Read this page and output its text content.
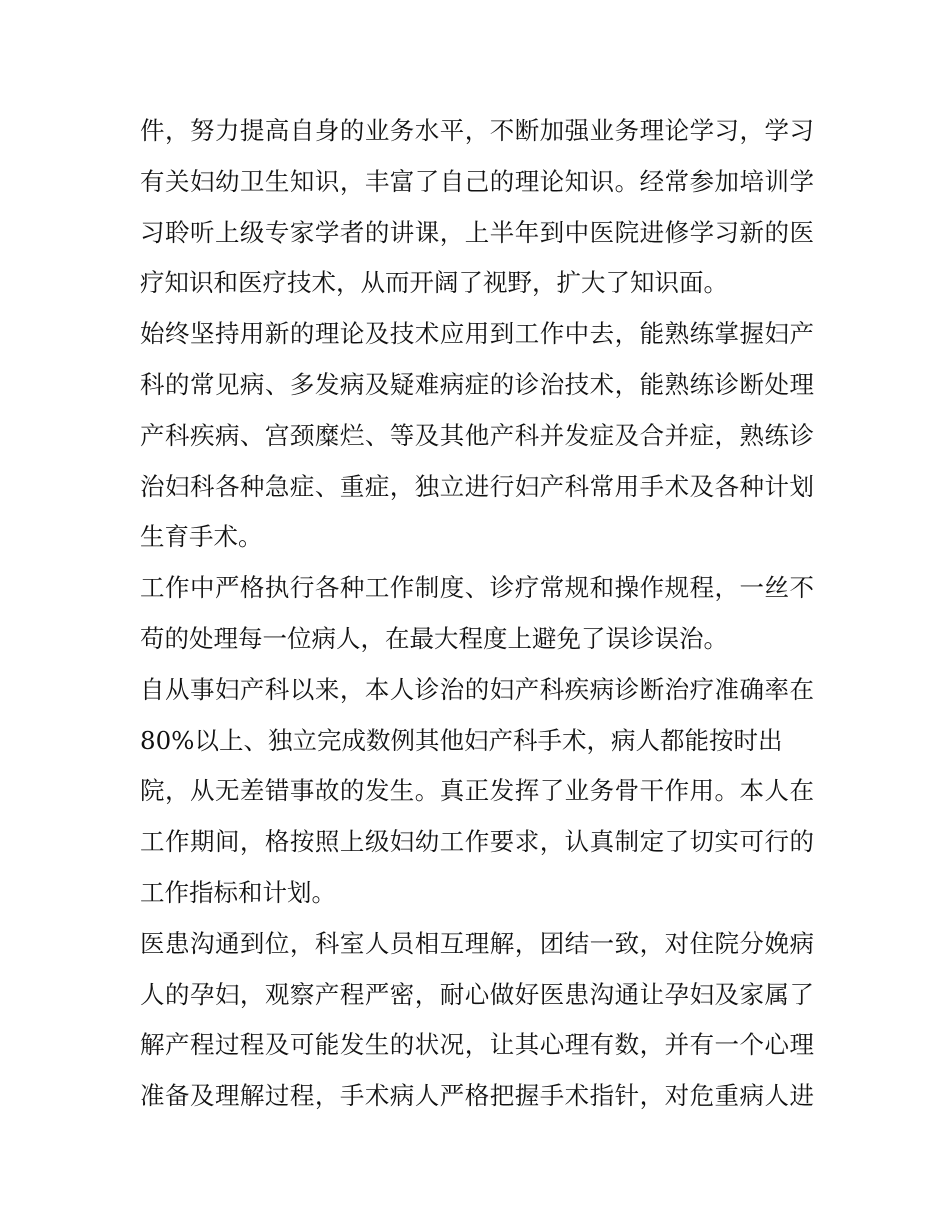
件，努力提高自身的业务水平，不断加强业务理论学习，学习
有关妇幼卫生知识，丰富了自己的理论知识。经常参加培训学
习聆听上级专家学者的讲课，上半年到中医院进修学习新的医
疗知识和医疗技术，从而开阔了视野，扩大了知识面。
始终坚持用新的理论及技术应用到工作中去，能熟练掌握妇产
科的常见病、多发病及疑难病症的诊治技术，能熟练诊断处理
产科疾病、宫颈糜烂、等及其他产科并发症及合并症，熟练诊
治妇科各种急症、重症，独立进行妇产科常用手术及各种计划
生育手术。
工作中严格执行各种工作制度、诊疗常规和操作规程，一丝不
苟的处理每一位病人，在最大程度上避免了误诊误治。
自从事妇产科以来，本人诊治的妇产科疾病诊断治疗准确率在
80%以上、独立完成数例其他妇产科手术，病人都能按时出
院，从无差错事故的发生。真正发挥了业务骨干作用。本人在
工作期间，格按照上级妇幼工作要求，认真制定了切实可行的
工作指标和计划。
医患沟通到位，科室人员相互理解，团结一致，对住院分娩病
人的孕妇，观察产程严密，耐心做好医患沟通让孕妇及家属了
解产程过程及可能发生的状况，让其心理有数，并有一个心理
准备及理解过程，手术病人严格把握手术指针，对危重病人进
